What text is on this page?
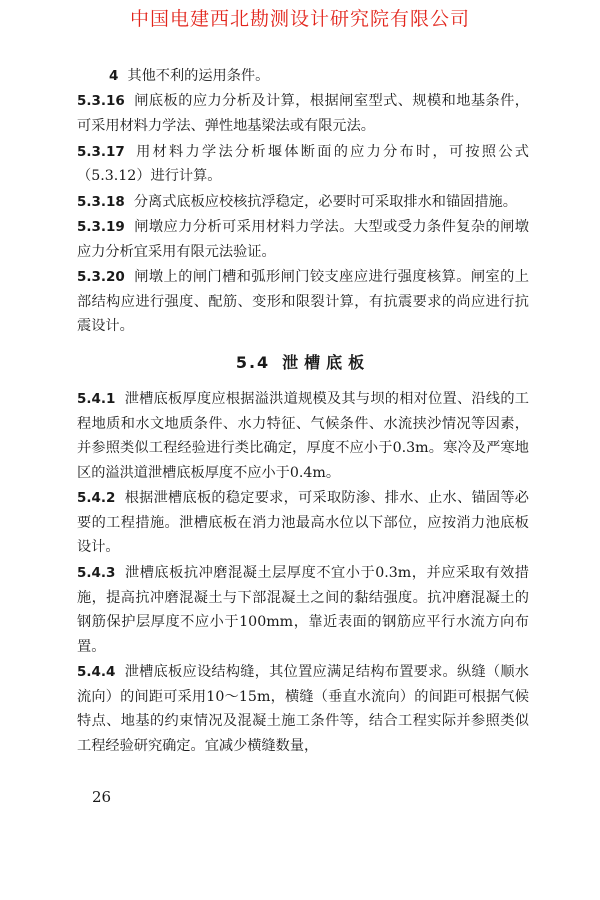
中国电建西北勘测设计研究院有限公司

4 其他不利的运用条件。

5.3.16 闸底板的应力分析及计算，根据闸室型式、规模和地基条件，可采用材料力学法、弹性地基梁法或有限元法。

5.3.17 用材料力学法分析堰体断面的应力分布时，可按照公式（5.3.12）进行计算。

5.3.18 分离式底板应校核抗浮稳定，必要时可采取排水和锚固措施。

5.3.19 闸墩应力分析可采用材料力学法。大型或受力条件复杂的闸墩应力分析宜采用有限元法验证。

5.3.20 闸墩上的闸门槽和弧形闸门铰支座应进行强度核算。闸室的上部结构应进行强度、配筋、变形和限裂计算，有抗震要求的尚应进行抗震设计。

5.4 泄槽底板

5.4.1 泄槽底板厚度应根据溢洪道规模及其与坝的相对位置、沿线的工程地质和水文地质条件、水力特征、气候条件、水流挟沙情况等因素，并参照类似工程经验进行类比确定，厚度不应小于0.3m。寒冷及严寒地区的溢洪道泄槽底板厚度不应小于0.4m。

5.4.2 根据泄槽底板的稳定要求，可采取防渗、排水、止水、锚固等必要的工程措施。泄槽底板在消力池最高水位以下部位，应按消力池底板设计。

5.4.3 泄槽底板抗冲磨混凝土层厚度不宜小于0.3m，并应采取有效措施，提高抗冲磨混凝土与下部混凝土之间的黏结强度。抗冲磨混凝土的钢筋保护层厚度不应小于100mm，靠近表面的钢筋应平行水流方向布置。

5.4.4 泄槽底板应设结构缝，其位置应满足结构布置要求。纵缝（顺水流向）的间距可采用10～15m，横缝（垂直水流向）的间距可根据气候特点、地基的约束情况及混凝土施工条件等，结合工程实际并参照类似工程经验研究确定。宜减少横缝数量，

26
